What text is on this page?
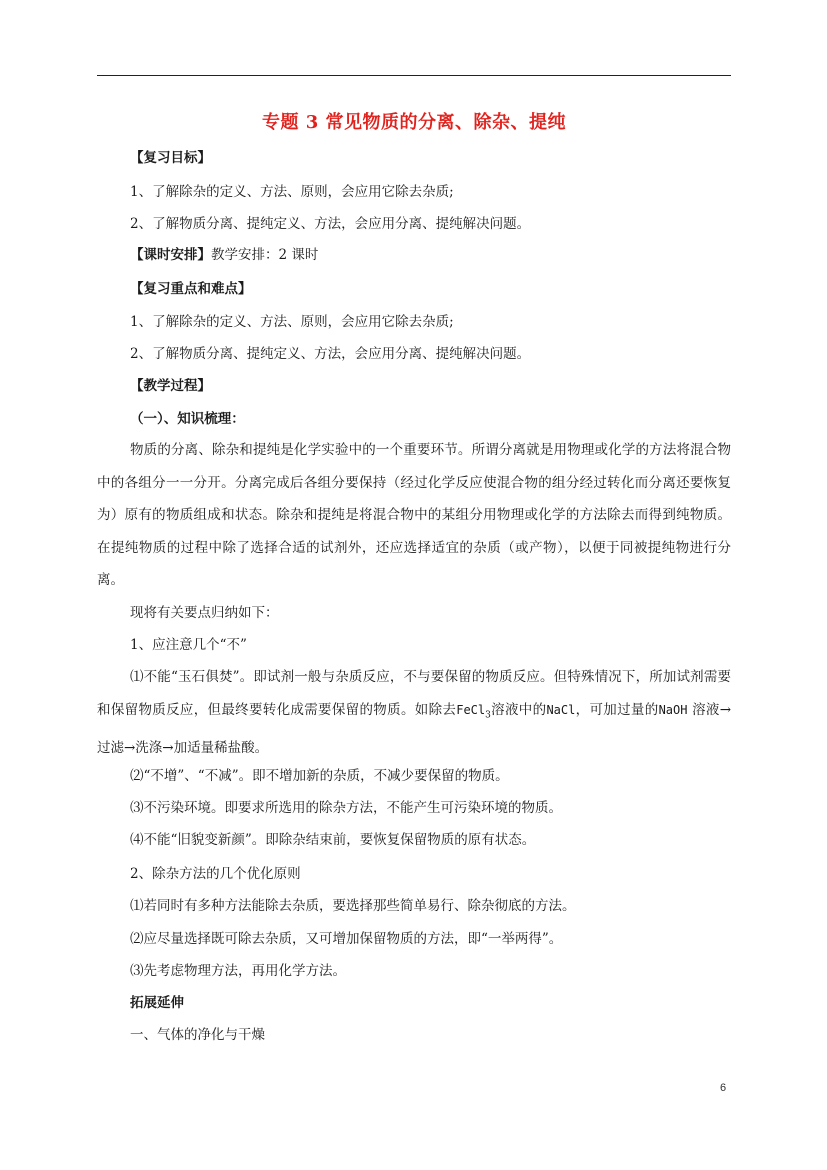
专题 3 常见物质的分离、除杂、提纯
【复习目标】
1、了解除杂的定义、方法、原则，会应用它除去杂质;
2、了解物质分离、提纯定义、方法，会应用分离、提纯解决问题。
【课时安排】教学安排：2 课时
【复习重点和难点】
1、了解除杂的定义、方法、原则，会应用它除去杂质;
2、了解物质分离、提纯定义、方法，会应用分离、提纯解决问题。
【教学过程】
（一）、知识梳理：
物质的分离、除杂和提纯是化学实验中的一个重要环节。所谓分离就是用物理或化学的方法将混合物中的各组分一一分开。分离完成后各组分要保持（经过化学反应使混合物的组分经过转化而分离还要恢复为）原有的物质组成和状态。除杂和提纯是将混合物中的某组分用物理或化学的方法除去而得到纯物质。在提纯物质的过程中除了选择合适的试剂外，还应选择适宜的杂质（或产物），以便于同被提纯物进行分离。
现将有关要点归纳如下：
1、应注意几个“不”
⑴不能“玉石俱焚”。即试剂一般与杂质反应，不与要保留的物质反应。但特殊情况下，所加试剂需要和保留物质反应，但最终要转化成需要保留的物质。如除去FeCl$_3$溶液中的NaCl，可加过量的NaOH 溶液→过滤→洗涤→加适量稀盐酸。
⑵“不增”、“不减”。即不增加新的杂质，不减少要保留的物质。
⑶不污染环境。即要求所选用的除杂方法，不能产生可污染环境的物质。
⑷不能“旧貌变新颜”。即除杂结束前，要恢复保留物质的原有状态。
2、除杂方法的几个优化原则
⑴若同时有多种方法能除去杂质，要选择那些简单易行、除杂彻底的方法。
⑵应尽量选择既可除去杂质，又可增加保留物质的方法，即“一举两得”。
⑶先考虑物理方法，再用化学方法。
拓展延伸
一、气体的净化与干燥
6
